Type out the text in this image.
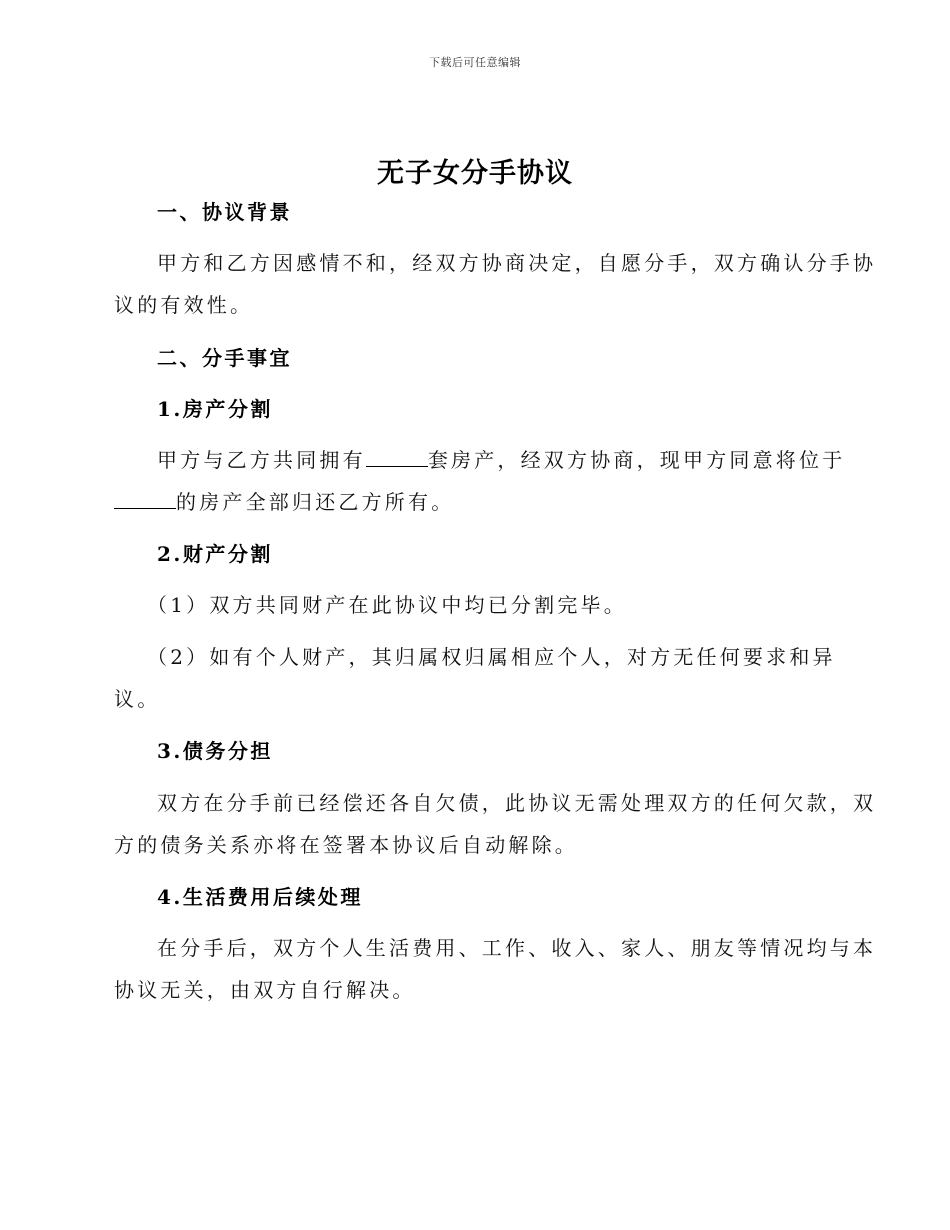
下载后可任意编辑
无子女分手协议
一、协议背景
甲方和乙方因感情不和，经双方协商决定，自愿分手，双方确认分手协
议的有效性。
二、分手事宜
1.房产分割
甲方与乙方共同拥有	套房产，经双方协商，现甲方同意将位于
的房产全部归还乙方所有。
2.财产分割
（1）双方共同财产在此协议中均已分割完毕。
（2）如有个人财产，其归属权归属相应个人，对方无任何要求和异
议。
3.债务分担
双方在分手前已经偿还各自欠债，此协议无需处理双方的任何欠款，双
方的债务关系亦将在签署本协议后自动解除。
4.生活费用后续处理
在分手后，双方个人生活费用、工作、收入、家人、朋友等情况均与本
协议无关，由双方自行解决。
